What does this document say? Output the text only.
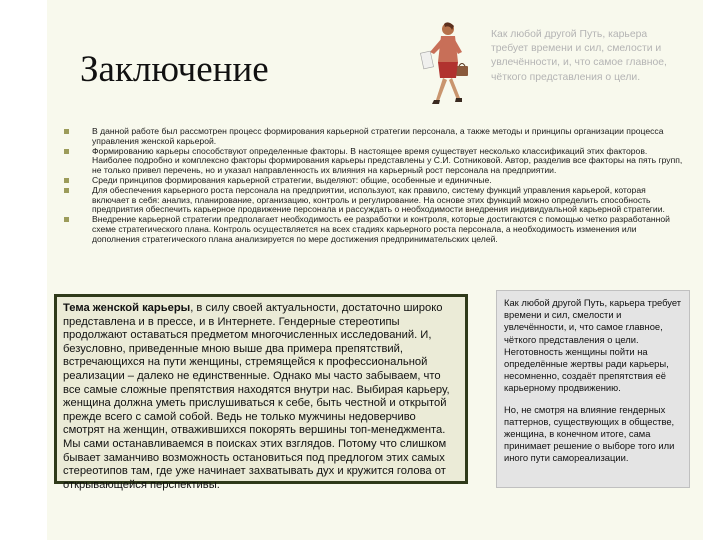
Заключение
Как любой другой Путь, карьера требует времени и сил, смелости и увлечённости, и, что самое главное, чёткого представления о цели.
В данной работе был рассмотрен процесс формирования карьерной стратегии персонала, а также методы и принципы организации процесса управления женской карьерой.
Формированию карьеры способствуют определенные факторы. В настоящее время существует несколько классификаций этих факторов. Наиболее подробно и комплексно факторы формирования карьеры представлены у С.И. Сотниковой. Автор, разделив все факторы на пять групп, не только привел перечень, но и указал направленность их влияния на карьерный рост персонала на предприятии.
Среди принципов формирования карьерной стратегии, выделяют: общие, особенные и единичные.
Для обеспечения карьерного роста персонала на предприятии, используют, как правило, систему функций управления карьерой, которая включает в себя: анализ, планирование, организацию, контроль и регулирование. На основе этих функций можно определить способность предприятия обеспечить карьерное продвижение персонала и рассуждать о необходимости внедрения индивидуальной карьерной стратегии.
Внедрение карьерной стратегии предполагает необходимость ее разработки и контроля, которые достигаются с помощью четко разработанной схеме стратегического плана. Контроль осуществляется на всех стадиях карьерного роста персонала, а необходимость изменения или дополнения стратегического плана анализируется по мере достижения предпринимательских целей.
Тема женской карьеры, в силу своей актуальности, достаточно широко представлена и в прессе, и в Интернете. Гендерные стереотипы продолжают оставаться предметом многочисленных исследований. И, безусловно, приведенные мною выше два примера препятствий, встречающихся на пути женщины, стремящейся к профессиональной реализации – далеко не единственные. Однако мы часто забываем, что все самые сложные препятствия находятся внутри нас. Выбирая карьеру, женщина должна уметь прислушиваться к себе, быть честной и открытой прежде всего с самой собой. Ведь не только мужчины недоверчиво смотрят на женщин, отважившихся покорять вершины топ-менеджмента. Мы сами останавливаемся в поисках этих взглядов. Потому что слишком бывает заманчиво возможность остановиться под предлогом этих самых стереотипов там, где уже начинает захватывать дух и кружится голова от открывающейся перспективы.

Как любой другой Путь, карьера требует времени и сил, смелости и увлечённости, и, что самое главное, чёткого представления о цели. Неготовность женщины пойти на определённые жертвы ради карьеры, несомненно, создаёт препятствия её карьерному продвижению.

Но, не смотря на влияние гендерных паттернов, существующих в обществе, женщина, в конечном итоге, сама принимает решение о выборе того или иного пути самореализации.
